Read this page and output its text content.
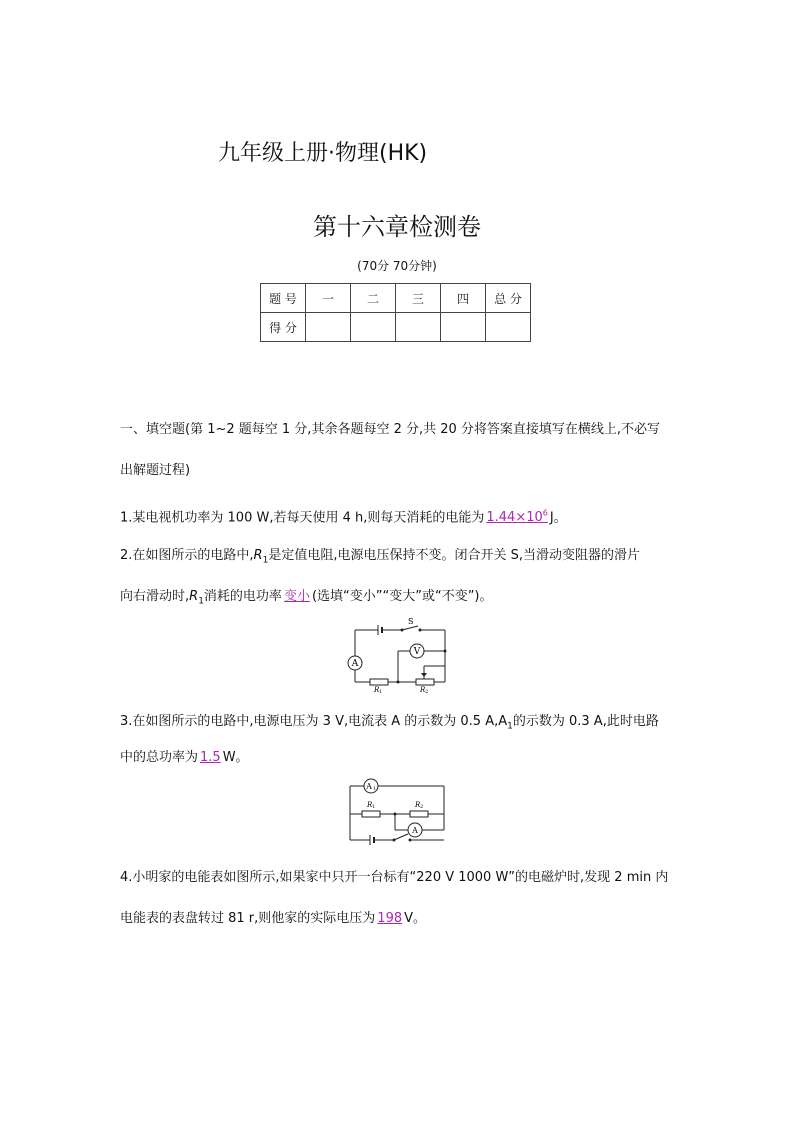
九年级上册·物理(HK)
第十六章检测卷
(70分 70分钟)
题 号	一	二	三	四	总 分
得 分					
一、填空题(第 1~2 题每空 1 分,其余各题每空 2 分,共 20 分将答案直接填写在横线上,不必写
出解题过程)
1.某电视机功率为 100 W,若每天使用 4 h,则每天消耗的电能为 $1.44\times 10^6$ J。
2.在如图所示的电路中$,R_1$是定值电阻,电源电压保持不变。闭合开关 S,当滑动变阻器的滑片
向右滑动时$,R_1$消耗的电功率 变小 (选填“变小”“变大”或“不变”)。
A
V
S
R 1	R 2
3.在如图所示的电路中,电源电压为 3 V,电流表 A 的示数为 0.5 $A,A_1$的示数为 0.3 A,此时电路
中的总功率为 1.5 W。
A 1
A
R 1	R 2
4.小明家的电能表如图所示,如果家中只开一台标有“220 V 1000 W”的电磁炉时,发现 2 min 内
电能表的表盘转过 81 r,则他家的实际电压为 198 V。
